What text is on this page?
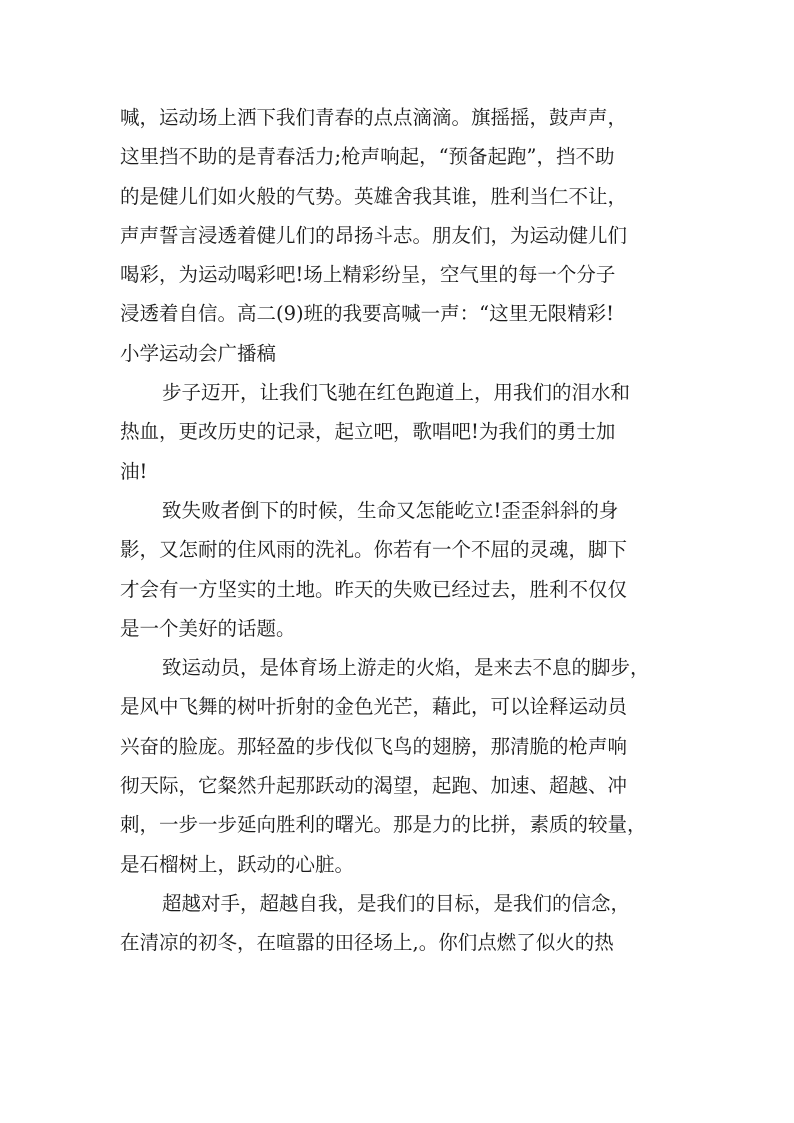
喊，运动场上洒下我们青春的点点滴滴。旗摇摇，鼓声声，
这里挡不助的是青春活力;枪声响起，“预备起跑”，挡不助
的是健儿们如火般的气势。英雄舍我其谁，胜利当仁不让，
声声誓言浸透着健儿们的昂扬斗志。朋友们，为运动健儿们
喝彩，为运动喝彩吧!场上精彩纷呈，空气里的每一个分子
浸透着自信。高二(9)班的我要高喊一声：“这里无限精彩!
小学运动会广播稿
步子迈开，让我们飞驰在红色跑道上，用我们的泪水和
热血，更改历史的记录，起立吧，歌唱吧!为我们的勇士加
油!
致失败者倒下的时候，生命又怎能屹立!歪歪斜斜的身
影，又怎耐的住风雨的洗礼。你若有一个不屈的灵魂，脚下
才会有一方坚实的土地。昨天的失败已经过去，胜利不仅仅
是一个美好的话题。
致运动员，是体育场上游走的火焰，是来去不息的脚步，
是风中飞舞的树叶折射的金色光芒，藉此，可以诠释运动员
兴奋的脸庞。那轻盈的步伐似飞鸟的翅膀，那清脆的枪声响
彻天际，它粲然升起那跃动的渴望，起跑、加速、超越、冲
刺，一步一步延向胜利的曙光。那是力的比拼，素质的较量，
是石榴树上，跃动的心脏。
超越对手，超越自我，是我们的目标，是我们的信念，
在清凉的初冬，在喧嚣的田径场上,。你们点燃了似火的热
